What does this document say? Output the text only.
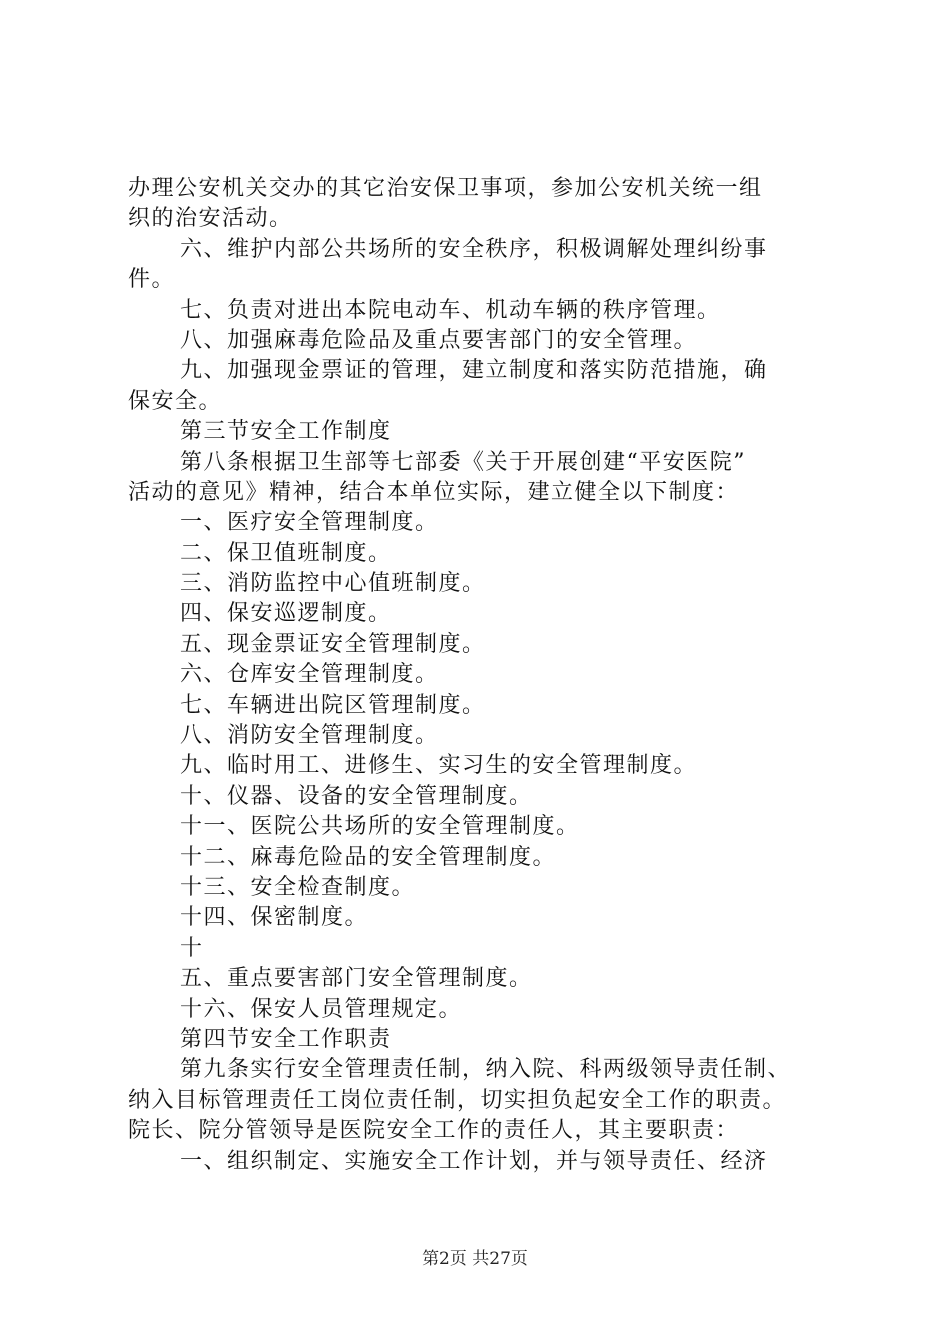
办理公安机关交办的其它治安保卫事项，参加公安机关统一组
织的治安活动。
六、维护内部公共场所的安全秩序，积极调解处理纠纷事
件。
七、负责对进出本院电动车、机动车辆的秩序管理。
八、加强麻毒危险品及重点要害部门的安全管理。
九、加强现金票证的管理，建立制度和落实防范措施，确
保安全。
第三节安全工作制度
第八条根据卫生部等七部委《关于开展创建“平安医院”
活动的意见》精神，结合本单位实际，建立健全以下制度：
一、医疗安全管理制度。
二、保卫值班制度。
三、消防监控中心值班制度。
四、保安巡逻制度。
五、现金票证安全管理制度。
六、仓库安全管理制度。
七、车辆进出院区管理制度。
八、消防安全管理制度。
九、临时用工、进修生、实习生的安全管理制度。
十、仪器、设备的安全管理制度。
十一、医院公共场所的安全管理制度。
十二、麻毒危险品的安全管理制度。
十三、安全检查制度。
十四、保密制度。
十
五、重点要害部门安全管理制度。
十六、保安人员管理规定。
第四节安全工作职责
第九条实行安全管理责任制，纳入院、科两级领导责任制、
纳入目标管理责任工岗位责任制，切实担负起安全工作的职责。
院长、院分管领导是医院安全工作的责任人，其主要职责：
一、组织制定、实施安全工作计划，并与领导责任、经济
第2页 共27页
